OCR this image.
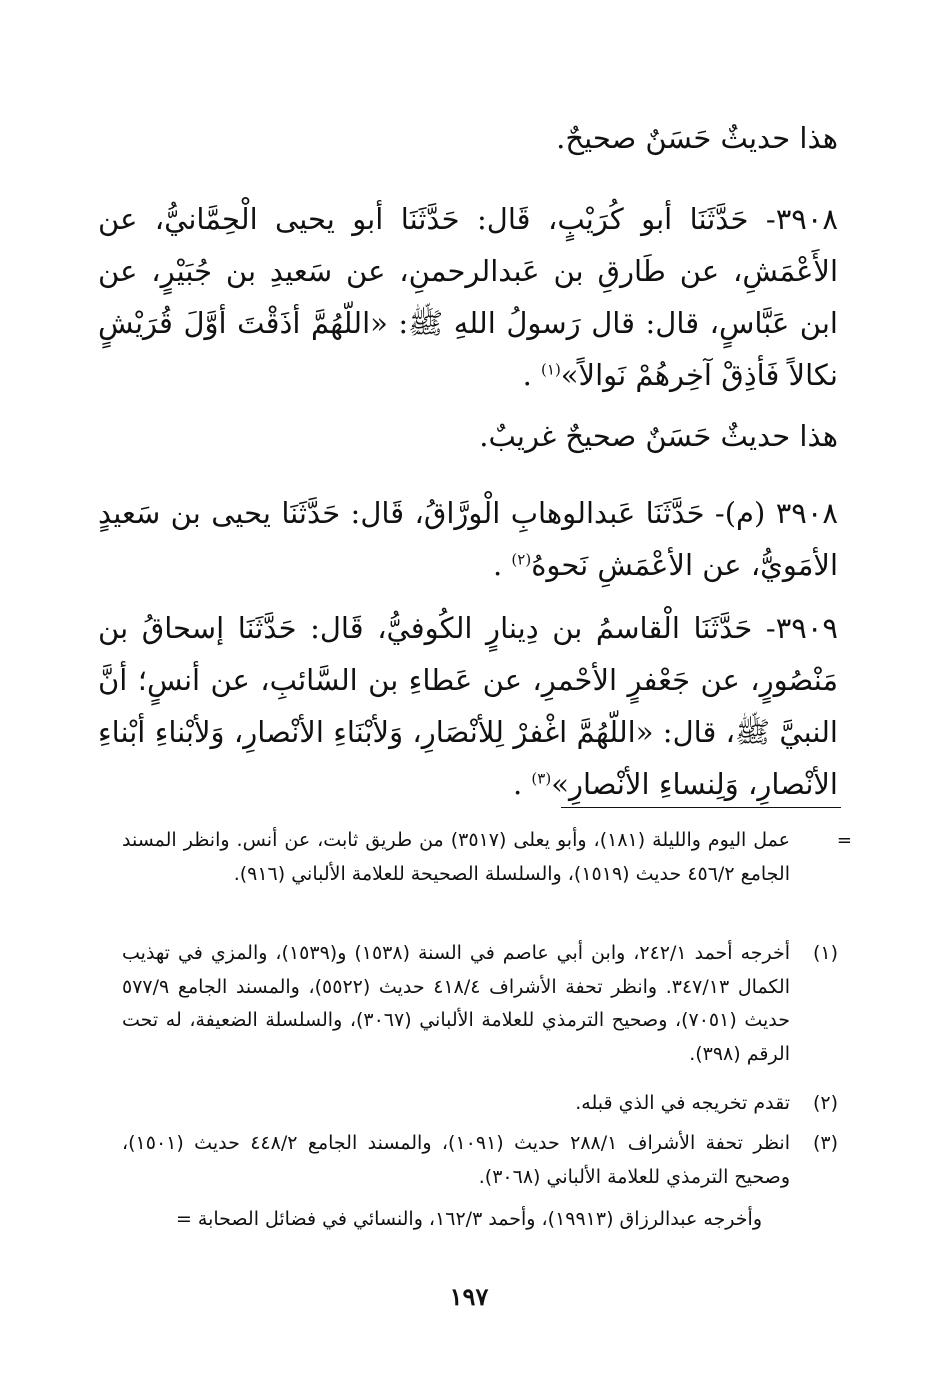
هذا حديثٌ حَسَنٌ صحيحٌ.

٣٩٠٨- حَدَّثَنَا أبو كُرَيْبٍ، قَال: حَدَّثَنَا أبو يحيى الْحِمَّانيُّ، عن الأَعْمَشِ، عن طَارقِ بن عَبدالرحمنِ، عن سَعيدِ بن جُبَيْرٍ، عن ابن عَبَّاسٍ، قال: قال رَسولُ اللهِ ﷺ: «اللّهُمَّ أذَقْتَ أوَّلَ قُرَيْشٍ نكالاً فَأذِقْ آخِرهُمْ نَوالاً»$^{(١)}$ .

هذا حديثٌ حَسَنٌ صحيحٌ غريبٌ.

٣٩٠٨ (م)- حَدَّثَنَا عَبدالوهابِ الْورَّاقُ، قَال: حَدَّثَنَا يحيى بن سَعيدٍ الأمَويُّ، عن الأعْمَشِ نَحوهُ$^{(٢)}$ .

٣٩٠٩- حَدَّثَنَا الْقاسمُ بن دِينارٍ الكُوفيُّ، قَال: حَدَّثَنَا إسحاقُ بن مَنْصُورٍ، عن جَعْفرٍ الأحْمرِ، عن عَطاءِ بن السَّائبِ، عن أنسٍ؛ أنَّ النبيَّ ﷺ، قال: «اللّهُمَّ اغْفرْ لِلأنْصَارِ، وَلأبْنَاءِ الأنْصارِ، وَلأبْناءِ أبْناءِ الأنْصارِ، وَلِنساءِ الأنْصارِ»$^{(٣)}$ .

=

عمل اليوم والليلة (١٨١)، وأبو يعلى (٣٥١٧) من طريق ثابت، عن أنس. وانظر المسند الجامع ٤٥٦/٢ حديث (١٥١٩)، والسلسلة الصحيحة للعلامة الألباني (٩١٦).

(١)

أخرجه أحمد ٢٤٢/١، وابن أبي عاصم في السنة (١٥٣٨) و(١٥٣٩)، والمزي في تهذيب الكمال ٣٤٧/١٣. وانظر تحفة الأشراف ٤١٨/٤ حديث (٥٥٢٢)، والمسند الجامع ٥٧٧/٩ حديث (٧٠٥١)، وصحيح الترمذي للعلامة الألباني (٣٠٦٧)، والسلسلة الضعيفة، له تحت الرقم (٣٩٨).

(٢)

تقدم تخريجه في الذي قبله.

(٣)

انظر تحفة الأشراف ٢٨٨/١ حديث (١٠٩١)، والمسند الجامع ٤٤٨/٢ حديث (١٥٠١)، وصحيح الترمذي للعلامة الألباني (٣٠٦٨).

وأخرجه عبدالرزاق (١٩٩١٣)، وأحمد ١٦٢/٣، والنسائي في فضائل الصحابة =

١٩٧
